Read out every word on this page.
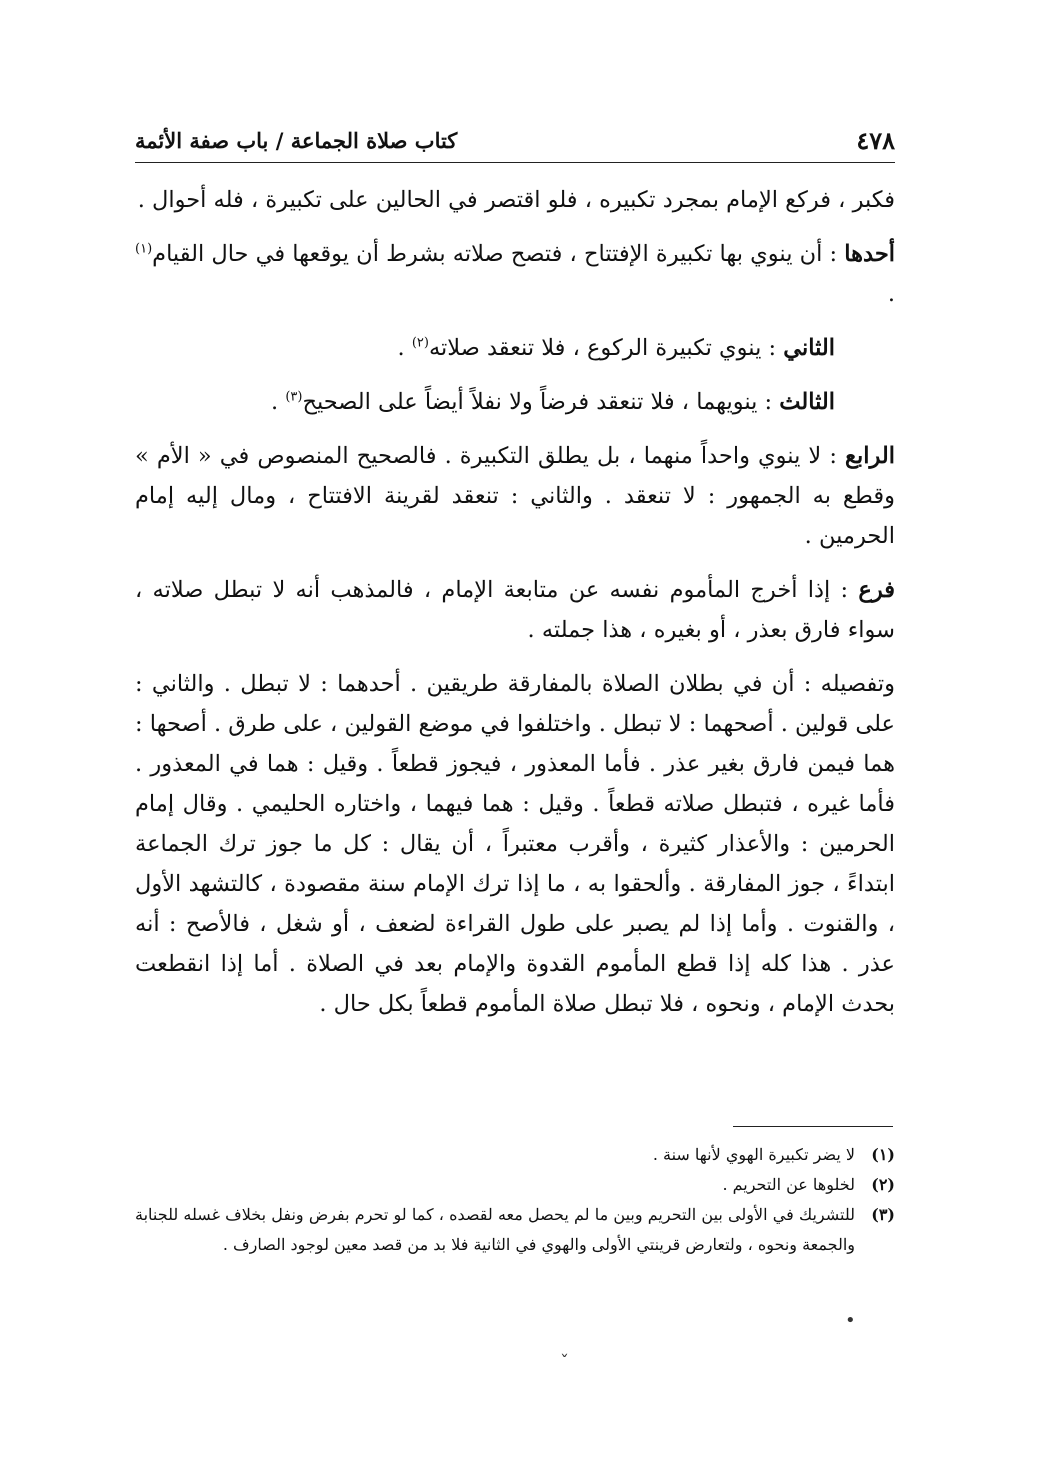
٤٧٨
كتاب صلاة الجماعة / باب صفة الأئمة

فكبر ، فركع الإمام بمجرد تكبيره ، فلو اقتصر في الحالين على تكبيرة ، فله أحوال .

أحدها : أن ينوي بها تكبيرة الإفتتاح ، فتصح صلاته بشرط أن يوقعها في حال القيام$^{(١)}$ .

الثاني : ينوي تكبيرة الركوع ، فلا تنعقد صلاته$^{(٢)}$ .

الثالث : ينويهما ، فلا تنعقد فرضاً ولا نفلاً أيضاً على الصحيح$^{(٣)}$ .

الرابع : لا ينوي واحداً منهما ، بل يطلق التكبيرة . فالصحيح المنصوص في « الأم » وقطع به الجمهور : لا تنعقد . والثاني : تنعقد لقرينة الافتتاح ، ومال إليه إمام الحرمين .

فرع : إذا أخرج المأموم نفسه عن متابعة الإمام ، فالمذهب أنه لا تبطل صلاته ، سواء فارق بعذر ، أو بغيره ، هذا جملته .

وتفصيله : أن في بطلان الصلاة بالمفارقة طريقين . أحدهما : لا تبطل . والثاني : على قولين . أصحهما : لا تبطل . واختلفوا في موضع القولين ، على طرق . أصحها : هما فيمن فارق بغير عذر . فأما المعذور ، فيجوز قطعاً . وقيل : هما في المعذور . فأما غيره ، فتبطل صلاته قطعاً . وقيل : هما فيهما ، واختاره الحليمي . وقال إمام الحرمين : والأعذار كثيرة ، وأقرب معتبراً ، أن يقال : كل ما جوز ترك الجماعة ابتداءً ، جوز المفارقة . وألحقوا به ، ما إذا ترك الإمام سنة مقصودة ، كالتشهد الأول ، والقنوت . وأما إذا لم يصبر على طول القراءة لضعف ، أو شغل ، فالأصح : أنه عذر . هذا كله إذا قطع المأموم القدوة والإمام بعد في الصلاة . أما إذا انقطعت بحدث الإمام ، ونحوه ، فلا تبطل صلاة المأموم قطعاً بكل حال .

(١)
لا يضر تكبيرة الهوي لأنها سنة .
(٢)
لخلوها عن التحريم .
(٣)
للتشريك في الأولى بين التحريم وبين ما لم يحصل معه لقصده ، كما لو تحرم بفرض ونفل بخلاف غسله للجنابة والجمعة ونحوه ، ولتعارض قرينتي الأولى والهوي في الثانية فلا بد من قصد معين لوجود الصارف .
•
ˇ
